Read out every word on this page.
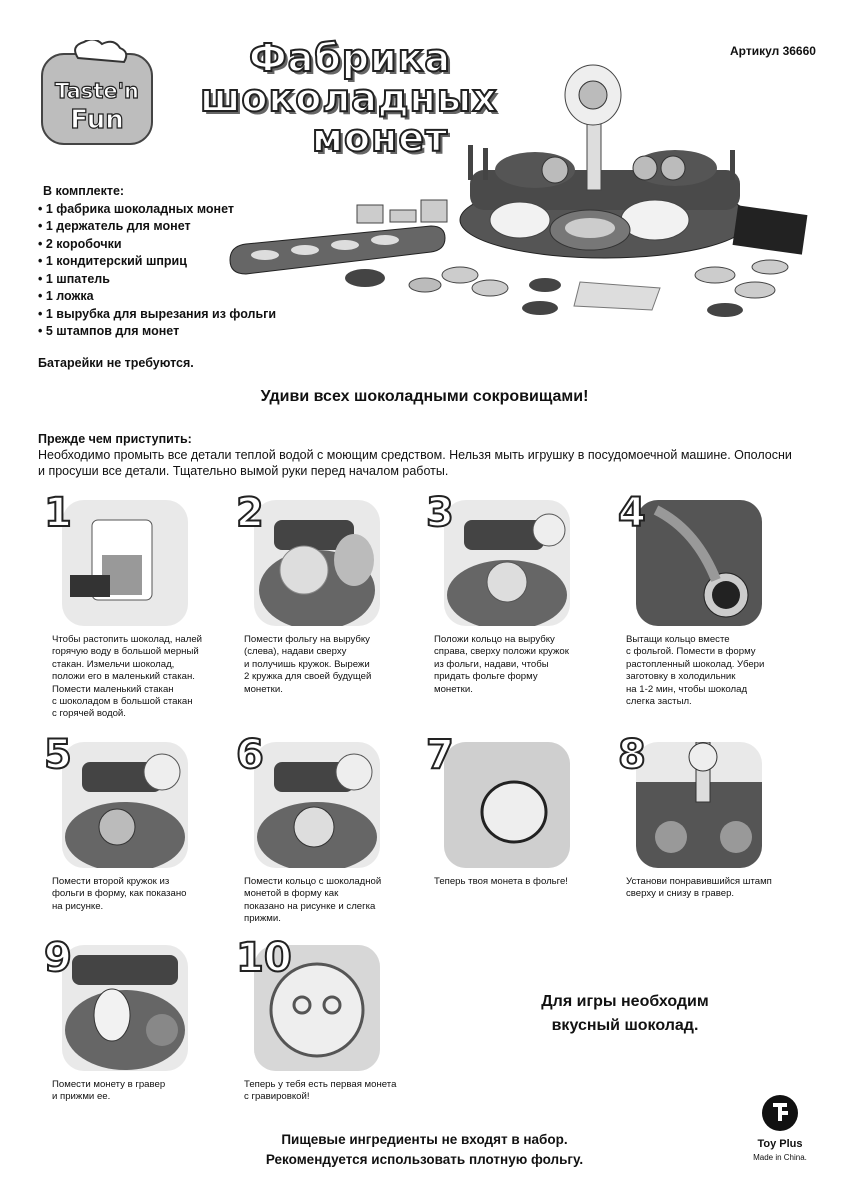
Taste'n
Fun
Фабрика
шоколадных
монет
Артикул 36660
В комплекте:
• 1 фабрика шоколадных монет
• 1 держатель для монет
• 2 коробочки
• 1 кондитерский шприц
• 1 шпатель
• 1 ложка
• 1 вырубка для вырезания из фольги
• 5 штампов для монет
Батарейки не требуются.
Удиви всех шоколадными сокровищами!
Прежде чем приступить:
Необходимо промыть все детали теплой водой с моющим средством. Нельзя мыть игрушку в посудомоечной машине. Ополосни и просуши все детали. Тщательно вымой руки перед началом работы.
1
Чтобы растопить шоколад, налей
горячую воду в большой мерный
стакан. Измельчи шоколад,
положи его в маленький стакан.
Помести маленький стакан
с шоколадом в большой стакан
с горячей водой.
2
Помести фольгу на вырубку
(слева), надави сверху
и получишь кружок. Вырежи
2 кружка для своей будущей
монетки.
3
Положи кольцо на вырубку
справа, сверху положи кружок
из фольги, надави, чтобы
придать фольге форму
монетки.
4
Вытащи кольцо вместе
с фольгой. Помести в форму
растопленный шоколад. Убери
заготовку в холодильник
на 1-2 мин, чтобы шоколад
слегка застыл.
5
Помести второй кружок из
фольги в форму, как показано
на рисунке.
6
Помести кольцо с шоколадной
монетой в форму как
показано на рисунке и слегка
прижми.
7
Теперь твоя монета в фольге!
8
Установи понравившийся штамп
сверху и снизу в гравер.
9
Помести монету в гравер
и прижми ее.
10
Теперь у тебя есть первая монета
с гравировкой!
Для игры необходим
вкусный шоколад.
Пищевые ингредиенты не входят в набор.
Рекомендуется использовать плотную фольгу.
Toy Plus
Made in China.
